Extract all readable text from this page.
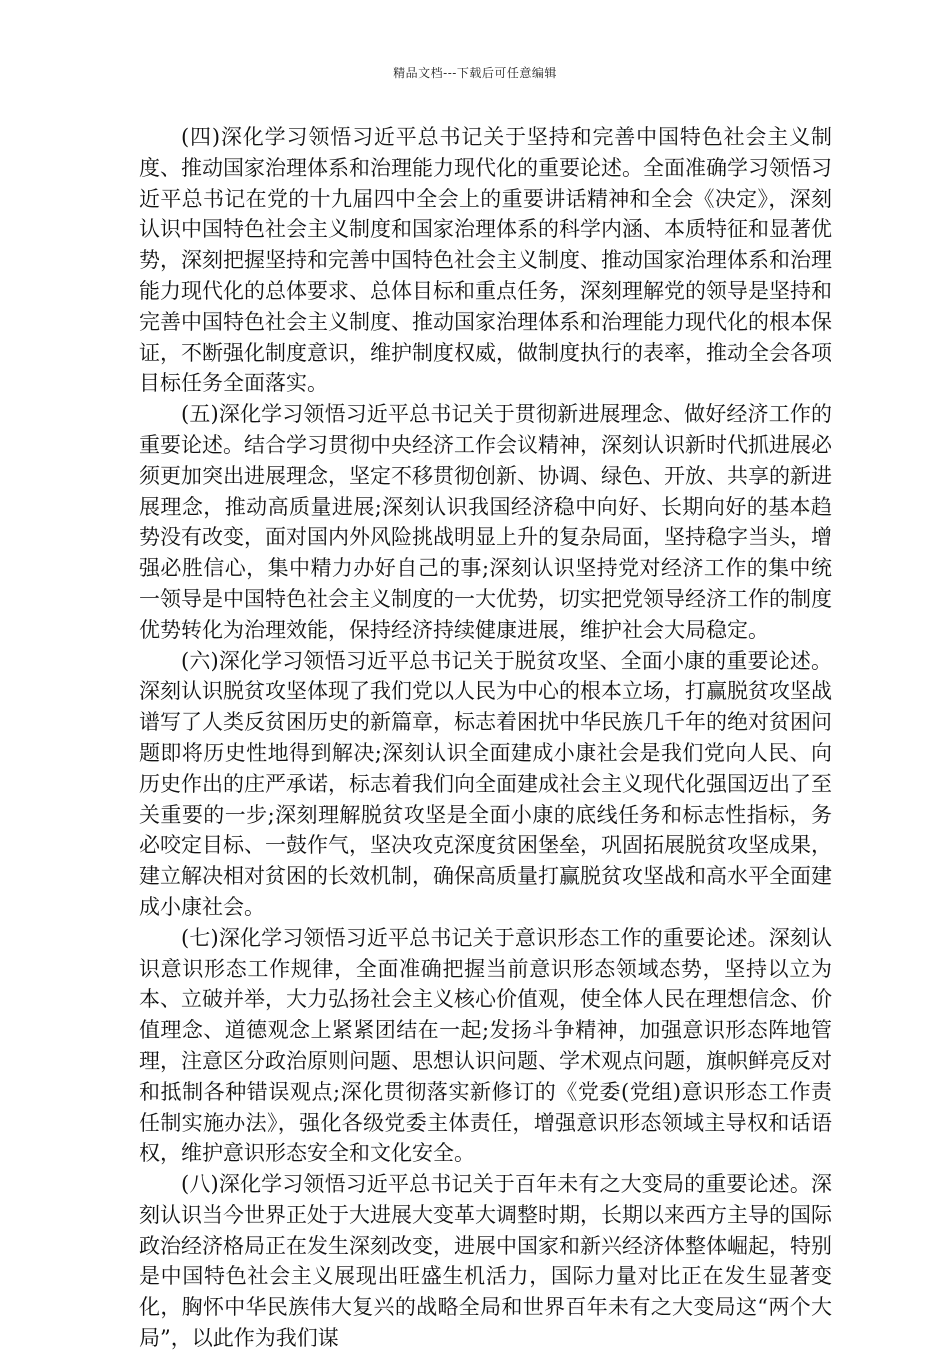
精品文档---下载后可任意编辑

(四)深化学习领悟习近平总书记关于坚持和完善中国特色社会主义制度、推动国家治理体系和治理能力现代化的重要论述。全面准确学习领悟习近平总书记在党的十九届四中全会上的重要讲话精神和全会《决定》，深刻认识中国特色社会主义制度和国家治理体系的科学内涵、本质特征和显著优势，深刻把握坚持和完善中国特色社会主义制度、推动国家治理体系和治理能力现代化的总体要求、总体目标和重点任务，深刻理解党的领导是坚持和完善中国特色社会主义制度、推动国家治理体系和治理能力现代化的根本保证，不断强化制度意识，维护制度权威，做制度执行的表率，推动全会各项目标任务全面落实。

(五)深化学习领悟习近平总书记关于贯彻新进展理念、做好经济工作的重要论述。结合学习贯彻中央经济工作会议精神，深刻认识新时代抓进展必须更加突出进展理念，坚定不移贯彻创新、协调、绿色、开放、共享的新进展理念，推动高质量进展;深刻认识我国经济稳中向好、长期向好的基本趋势没有改变，面对国内外风险挑战明显上升的复杂局面，坚持稳字当头，增强必胜信心，集中精力办好自己的事;深刻认识坚持党对经济工作的集中统一领导是中国特色社会主义制度的一大优势，切实把党领导经济工作的制度优势转化为治理效能，保持经济持续健康进展，维护社会大局稳定。

(六)深化学习领悟习近平总书记关于脱贫攻坚、全面小康的重要论述。深刻认识脱贫攻坚体现了我们党以人民为中心的根本立场，打赢脱贫攻坚战谱写了人类反贫困历史的新篇章，标志着困扰中华民族几千年的绝对贫困问题即将历史性地得到解决;深刻认识全面建成小康社会是我们党向人民、向历史作出的庄严承诺，标志着我们向全面建成社会主义现代化强国迈出了至关重要的一步;深刻理解脱贫攻坚是全面小康的底线任务和标志性指标，务必咬定目标、一鼓作气，坚决攻克深度贫困堡垒，巩固拓展脱贫攻坚成果，建立解决相对贫困的长效机制，确保高质量打赢脱贫攻坚战和高水平全面建成小康社会。

(七)深化学习领悟习近平总书记关于意识形态工作的重要论述。深刻认识意识形态工作规律，全面准确把握当前意识形态领域态势，坚持以立为本、立破并举，大力弘扬社会主义核心价值观，使全体人民在理想信念、价值理念、道德观念上紧紧团结在一起;发扬斗争精神，加强意识形态阵地管理，注意区分政治原则问题、思想认识问题、学术观点问题，旗帜鲜亮反对和抵制各种错误观点;深化贯彻落实新修订的《党委(党组)意识形态工作责任制实施办法》，强化各级党委主体责任，增强意识形态领域主导权和话语权，维护意识形态安全和文化安全。

(八)深化学习领悟习近平总书记关于百年未有之大变局的重要论述。深刻认识当今世界正处于大进展大变革大调整时期，长期以来西方主导的国际政治经济格局正在发生深刻改变，进展中国家和新兴经济体整体崛起，特别是中国特色社会主义展现出旺盛生机活力，国际力量对比正在发生显著变化，胸怀中华民族伟大复兴的战略全局和世界百年未有之大变局这“两个大局”，以此作为我们谋
